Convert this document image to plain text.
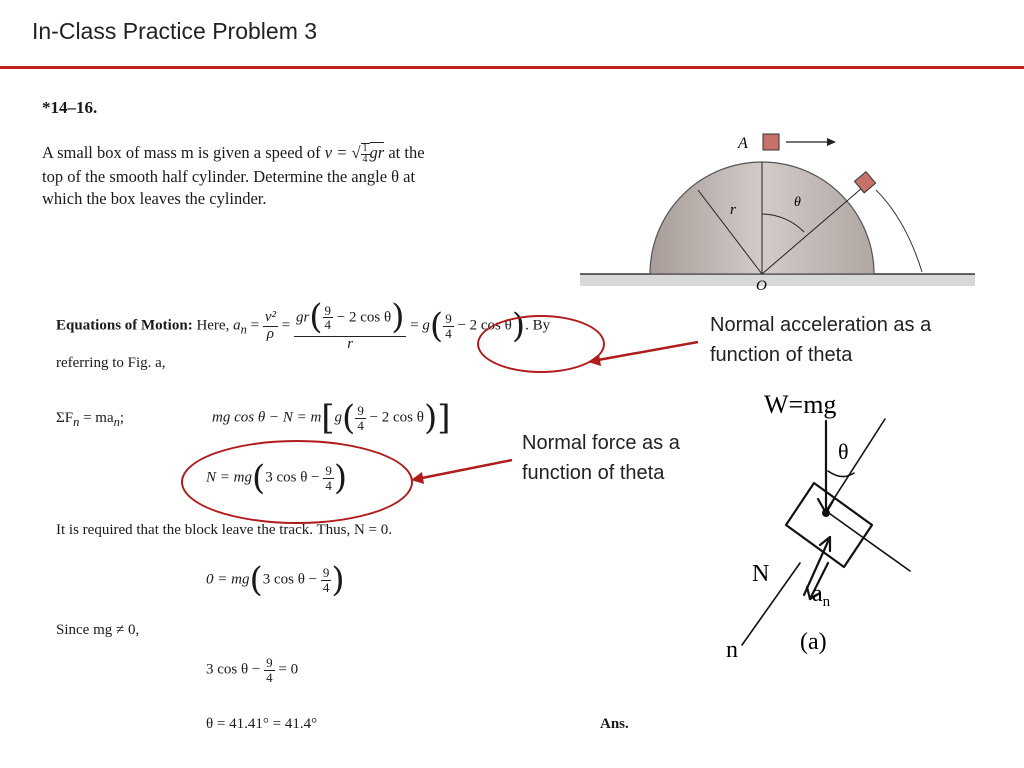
In-Class Practice Problem 3
*14–16.
A small box of mass m is given a speed of v = √ $\frac{1}{4}$ gr at the
top of the smooth half cylinder. Determine the angle θ at
which the box leaves the cylinder.
A
r	θ
O
Equations of Motion: Here, $a_n = \frac{\text{v²}}{\rho} = \frac{gr( \frac{9}{4} - 2 \cos \theta)}{r} = g( \frac{9}{4} - 2$ cos θ). By
referring to Fig. a,
$\Sigma F_n = ma_n$;	mg $\cos \theta - N = m[g( \frac{9}{4} - 2$ cos θ)]
N = mg(3 $\cos \theta - \frac{9}{4}$ )
It is required that the block leave the track. Thus, N = 0.
0 = mg(3 $\cos \theta - \frac{9}{4}$ )
Since mg ≠ 0,
3 $\cos \theta - \frac{9}{4} = 0$
θ = 41.41° = 41.4°	Ans.
Normal acceleration as a
function of theta
Normal force as a
function of theta
W=mg
θ
N
$a_n$
n	(a)
